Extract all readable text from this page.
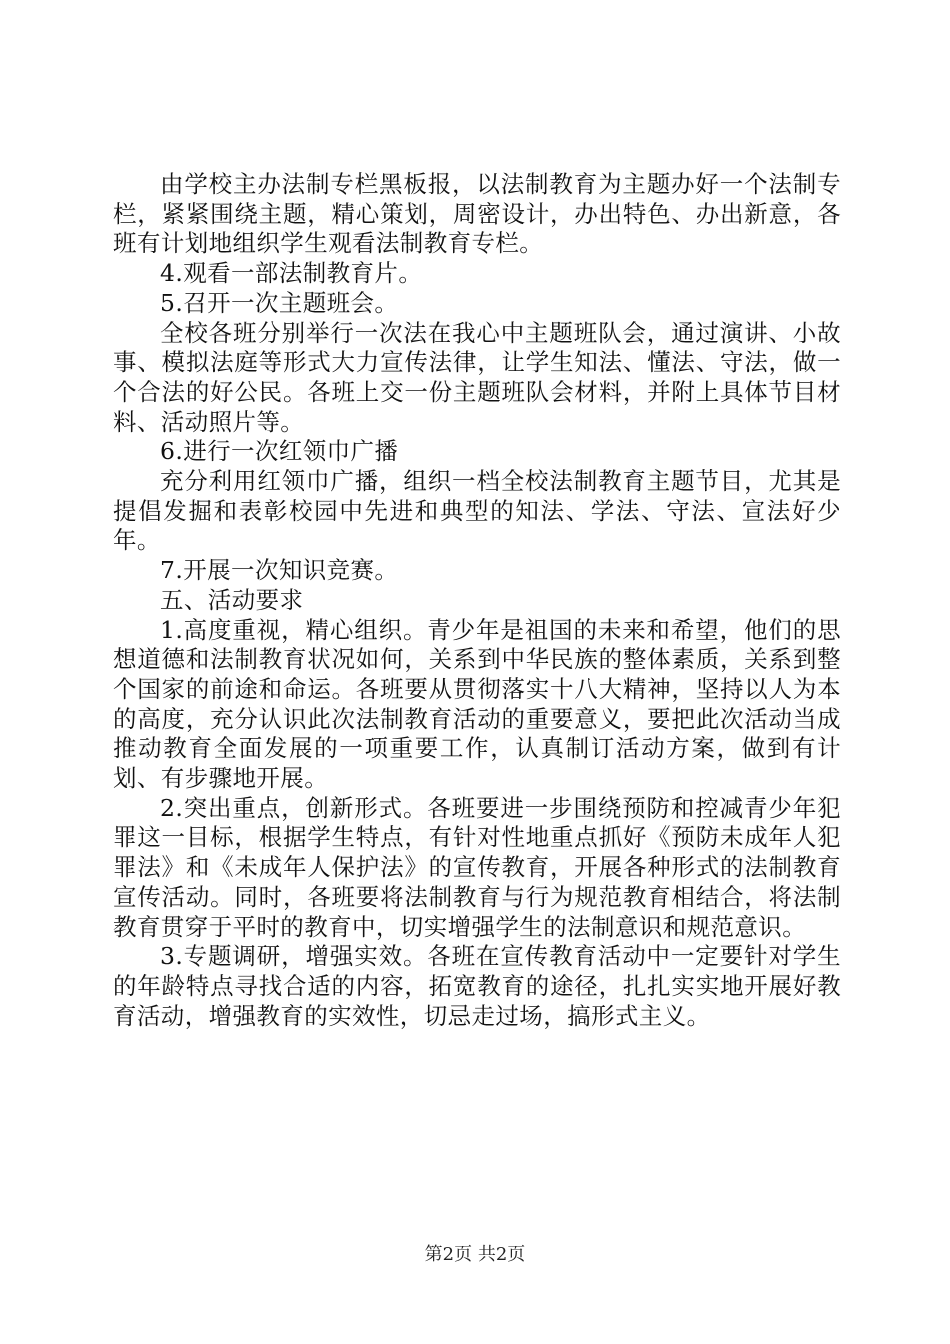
由学校主办法制专栏黑板报，以法制教育为主题办好一个法制专栏，紧紧围绕主题，精心策划，周密设计，办出特色、办出新意，各班有计划地组织学生观看法制教育专栏。

4.观看一部法制教育片。

5.召开一次主题班会。

全校各班分别举行一次法在我心中主题班队会，通过演讲、小故事、模拟法庭等形式大力宣传法律，让学生知法、懂法、守法，做一个合法的好公民。各班上交一份主题班队会材料，并附上具体节目材料、活动照片等。

6.进行一次红领巾广播

充分利用红领巾广播，组织一档全校法制教育主题节目，尤其是提倡发掘和表彰校园中先进和典型的知法、学法、守法、宣法好少年。

7.开展一次知识竞赛。

五、活动要求

1.高度重视，精心组织。青少年是祖国的未来和希望，他们的思想道德和法制教育状况如何，关系到中华民族的整体素质，关系到整个国家的前途和命运。各班要从贯彻落实十八大精神，坚持以人为本的高度，充分认识此次法制教育活动的重要意义，要把此次活动当成推动教育全面发展的一项重要工作，认真制订活动方案，做到有计划、有步骤地开展。

2.突出重点，创新形式。各班要进一步围绕预防和控减青少年犯罪这一目标，根据学生特点，有针对性地重点抓好《预防未成年人犯罪法》和《未成年人保护法》的宣传教育，开展各种形式的法制教育宣传活动。同时，各班要将法制教育与行为规范教育相结合，将法制教育贯穿于平时的教育中，切实增强学生的法制意识和规范意识。

3.专题调研，增强实效。各班在宣传教育活动中一定要针对学生的年龄特点寻找合适的内容，拓宽教育的途径，扎扎实实地开展好教育活动，增强教育的实效性，切忌走过场，搞形式主义。

第2页 共2页
